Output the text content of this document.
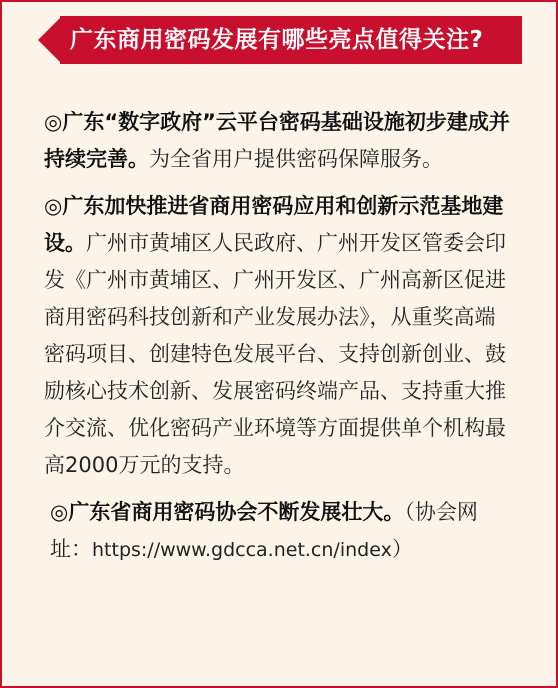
广东商用密码发展有哪些亮点值得关注?

◎广东“数字政府”云平台密码基础设施初步建成并持续完善。为全省用户提供密码保障服务。

◎广东加快推进省商用密码应用和创新示范基地建设。广州市黄埔区人民政府、广州开发区管委会印发《广州市黄埔区、广州开发区、广州高新区促进商用密码科技创新和产业发展办法》，从重奖高端密码项目、创建特色发展平台、支持创新创业、鼓励核心技术创新、发展密码终端产品、支持重大推介交流、优化密码产业环境等方面提供单个机构最高2000万元的支持。

◎广东省商用密码协会不断发展壮大。（协会网址：https://www.gdcca.net.cn/index）
